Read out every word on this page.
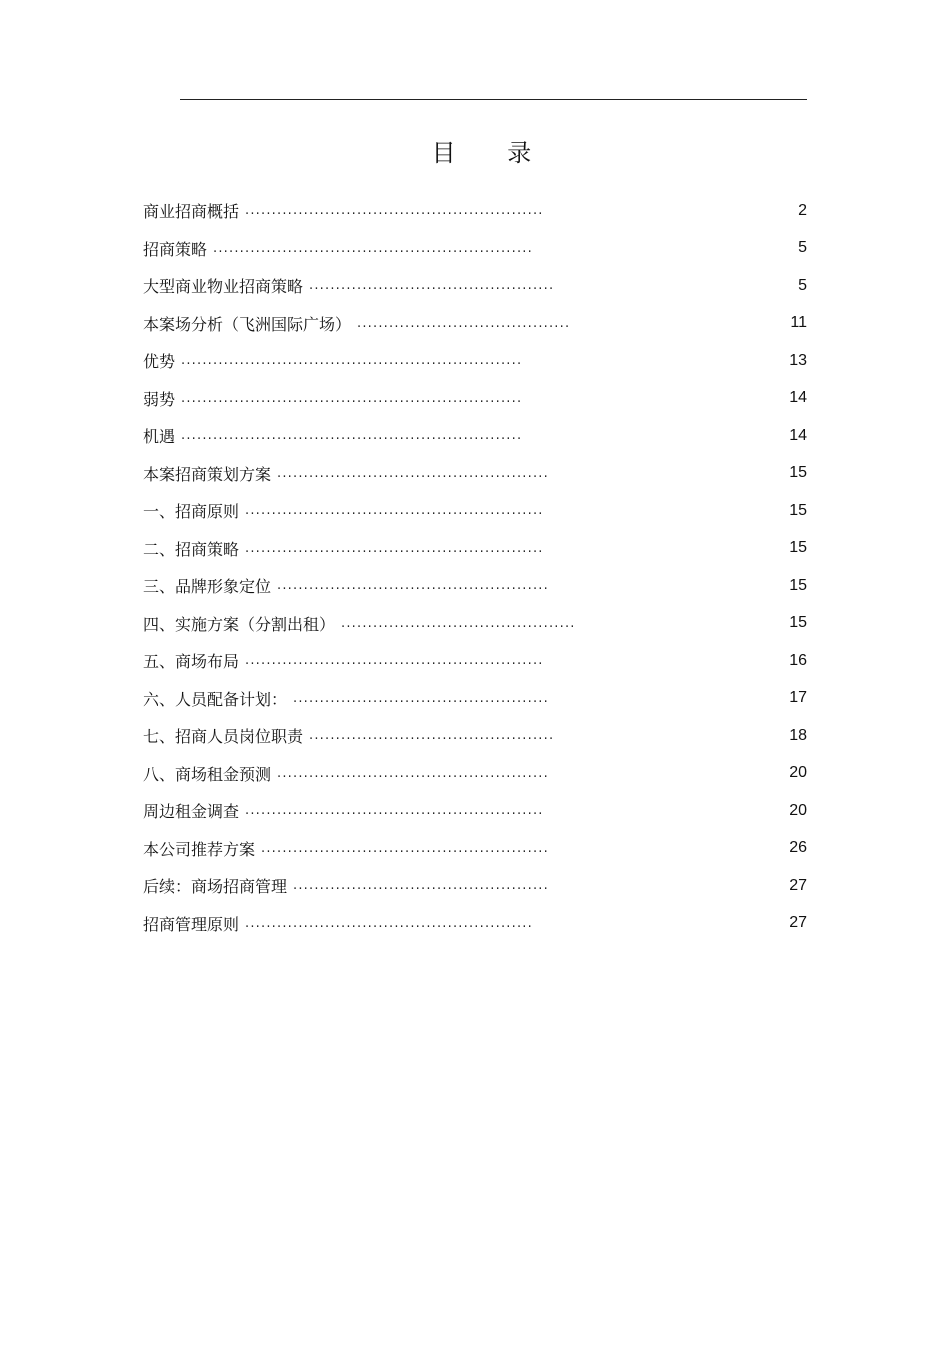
目 录
商业招商概括 ........................................................	2
招商策略 ............................................................	5
大型商业物业招商策略 ..............................................	5
本案场分析（飞洲国际广场） ........................................	11
优势 ................................................................	13
弱势 ................................................................	14
机遇 ................................................................	14
本案招商策划方案 ...................................................	15
一、招商原则 ........................................................	15
二、招商策略 ........................................................	15
三、品牌形象定位 ...................................................	15
四、实施方案（分割出租） ............................................	15
五、商场布局 ........................................................	16
六、人员配备计划： ................................................	17
七、招商人员岗位职责 ..............................................	18
八、商场租金预测 ...................................................	20
周边租金调查 ........................................................	20
本公司推荐方案 ......................................................	26
后续：商场招商管理 ................................................	27
招商管理原则 ......................................................	27
